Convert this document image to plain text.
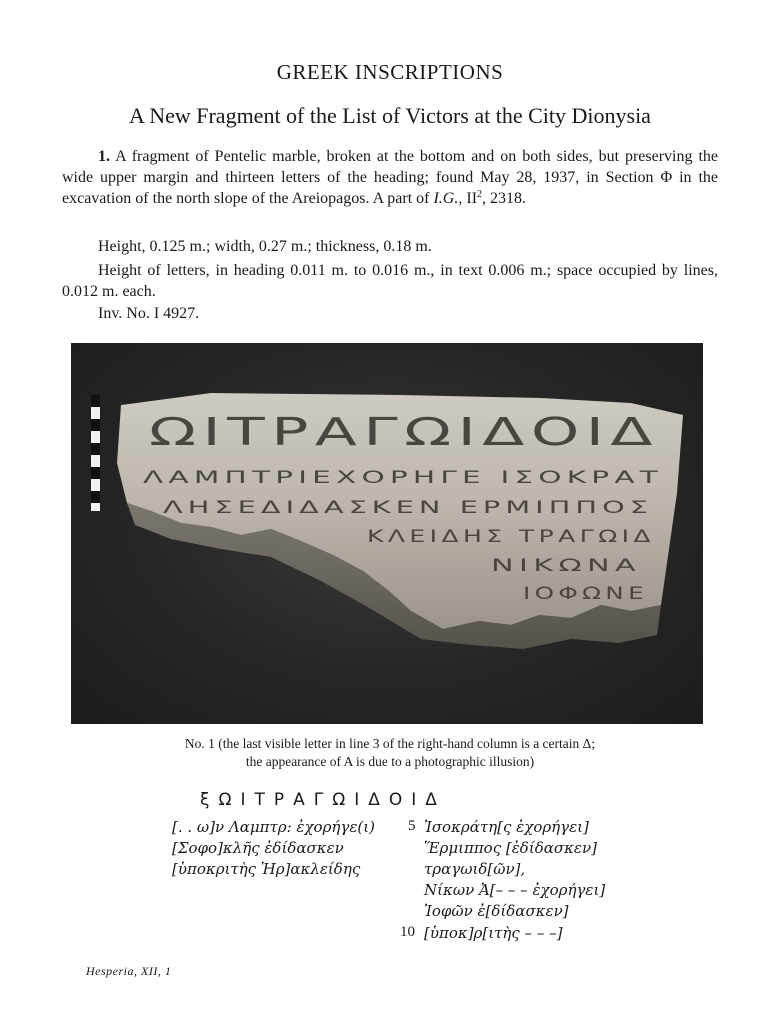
GREEK INSCRIPTIONS
A New Fragment of the List of Victors at the City Dionysia
1. A fragment of Pentelic marble, broken at the bottom and on both sides, but preserving the wide upper margin and thirteen letters of the heading; found May 28, 1937, in Section Φ in the excavation of the north slope of the Areiopagos. A part of I.G., $II^2$, 2318.
Height, 0.125 m.; width, 0.27 m.; thickness, 0.18 m.
Height of letters, in heading 0.011 m. to 0.016 m., in text 0.006 m.; space occupied by lines, 0.012 m. each.
Inv. No. I 4927.
ΩΙΤΡΑΓΩΙΔΟΙΔ
ΛΑΜΠΤΡΙΕΧΟΡΗΓΕ ΙΣΟΚΡΑΤ
ΛΗΣΕΔΙΔΑΣΚΕΝ ΕΡΜΙΠΠΟΣ
ΚΛΕΙΔΗΣ ΤΡΑΓΩΙΔ
ΝΙΚΩΝΑ
ΙΟΦΩΝΕ
No. 1 (the last visible letter in line 3 of the right-hand column is a certain Δ;
the appearance of A is due to a photographic illusion)
ξΩΙΤΡΑΓΩΙΔΟΙΔ
[. . ω]ν Λαμπτρ: ἐχορήγε(ι)
[Σοφο]κλῆς ἐδίδασκεν
[ὑποκριτὴς Ἡρ]ακλείδης
5
10
Ἰσοκράτη[ς ἐχορήγει]
Ἕρμιππος [ἐδίδασκεν]
τραγωιδ[ῶν],
Νίκων Ἀ[– – – ἐχορήγει]
Ἰοφῶν ἐ[δίδασκεν]
[ὑποκ]ρ[ιτὴς – – –]
Hesperia, XII, 1
